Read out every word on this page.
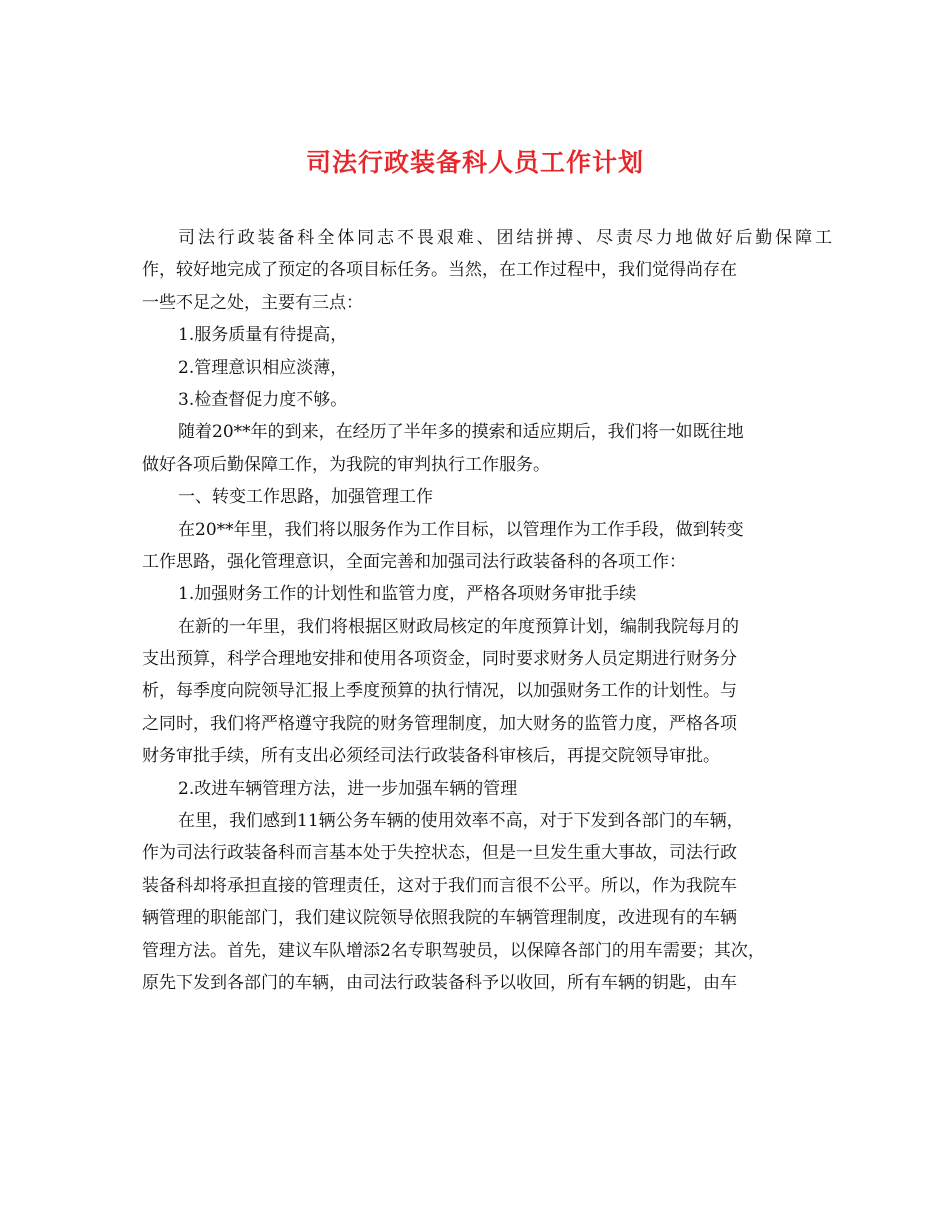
司法行政装备科人员工作计划
司法行政装备科全体同志不畏艰难、团结拼搏、尽责尽力地做好后勤保障工
作，较好地完成了预定的各项目标任务。当然，在工作过程中，我们觉得尚存在
一些不足之处，主要有三点：
1.服务质量有待提高，
2.管理意识相应淡薄，
3.检查督促力度不够。
随着20**年的到来，在经历了半年多的摸索和适应期后，我们将一如既往地
做好各项后勤保障工作，为我院的审判执行工作服务。
一、转变工作思路，加强管理工作
在20**年里，我们将以服务作为工作目标，以管理作为工作手段，做到转变
工作思路，强化管理意识，全面完善和加强司法行政装备科的各项工作：
1.加强财务工作的计划性和监管力度，严格各项财务审批手续
在新的一年里，我们将根据区财政局核定的年度预算计划，编制我院每月的
支出预算，科学合理地安排和使用各项资金，同时要求财务人员定期进行财务分
析，每季度向院领导汇报上季度预算的执行情况，以加强财务工作的计划性。与
之同时，我们将严格遵守我院的财务管理制度，加大财务的监管力度，严格各项
财务审批手续，所有支出必须经司法行政装备科审核后，再提交院领导审批。
2.改进车辆管理方法，进一步加强车辆的管理
在里，我们感到11辆公务车辆的使用效率不高，对于下发到各部门的车辆，
作为司法行政装备科而言基本处于失控状态，但是一旦发生重大事故，司法行政
装备科却将承担直接的管理责任，这对于我们而言很不公平。所以，作为我院车
辆管理的职能部门，我们建议院领导依照我院的车辆管理制度，改进现有的车辆
管理方法。首先，建议车队增添2名专职驾驶员，以保障各部门的用车需要；其次，
原先下发到各部门的车辆，由司法行政装备科予以收回，所有车辆的钥匙，由车
